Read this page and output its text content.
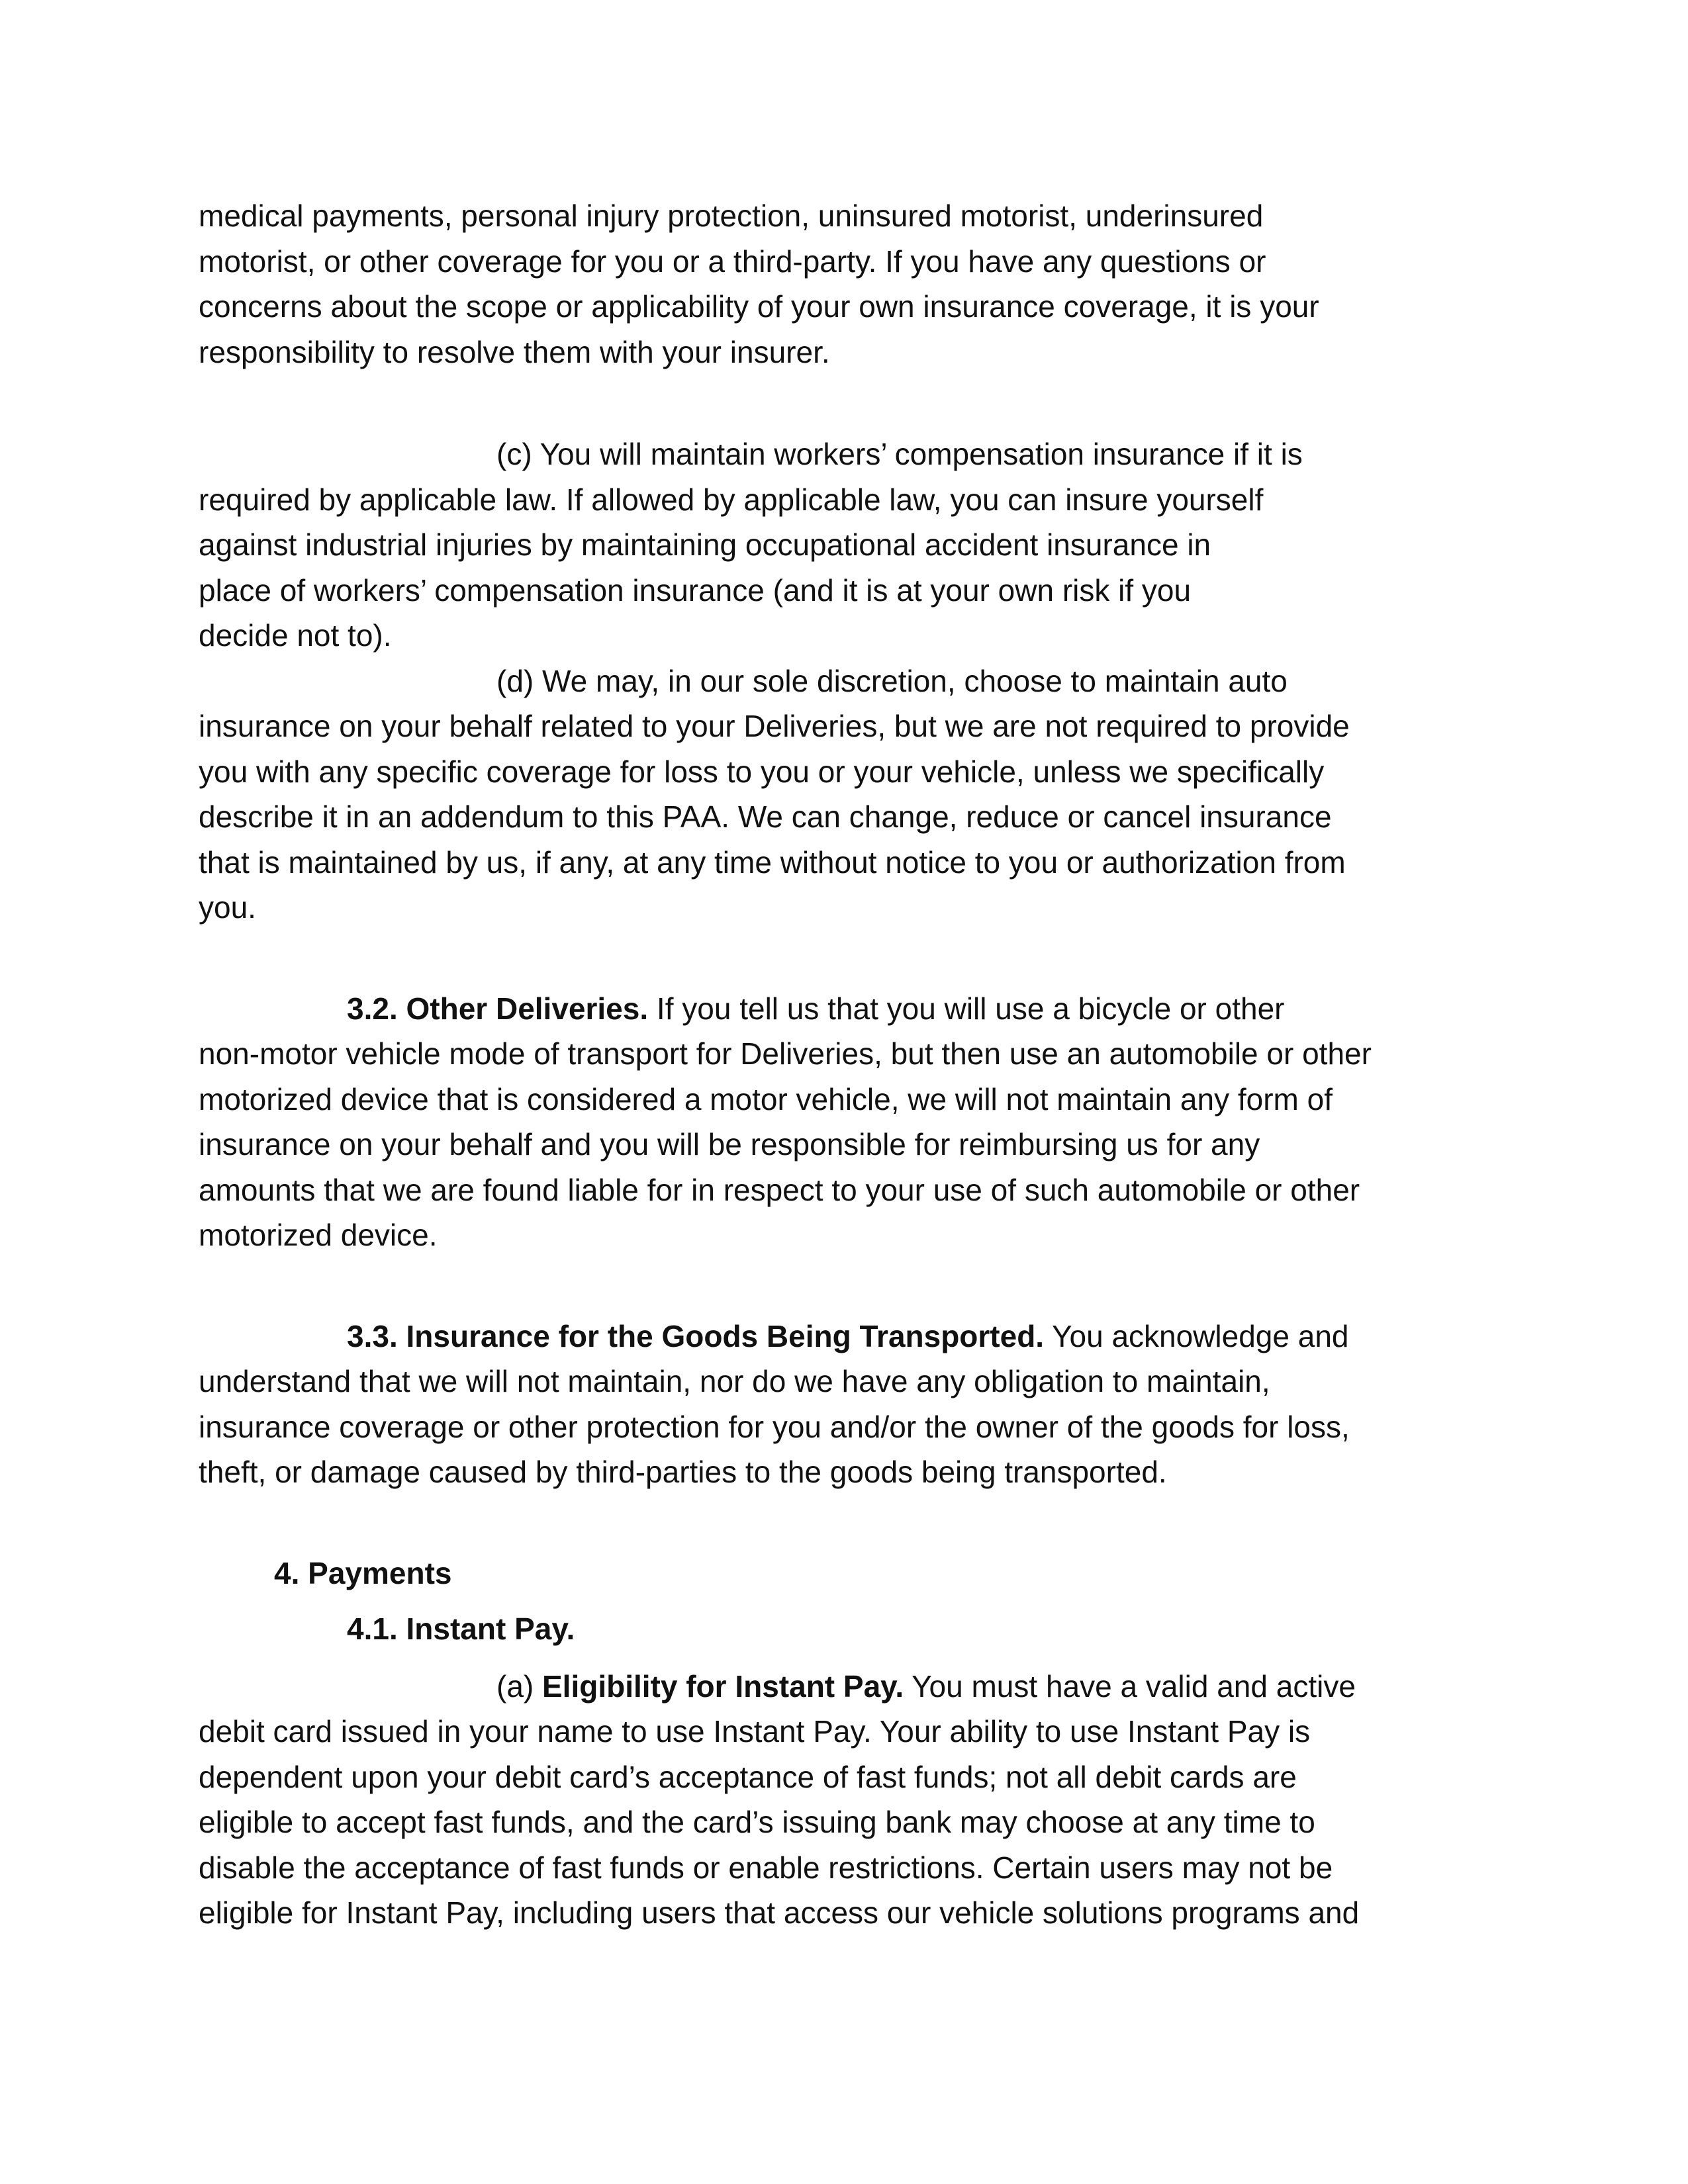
medical payments, personal injury protection, uninsured motorist, underinsured
motorist, or other coverage for you or a third-party. If you have any questions or
concerns about the scope or applicability of your own insurance coverage, it is your
responsibility to resolve them with your insurer.
(c) You will maintain workers’ compensation insurance if it is
required by applicable law. If allowed by applicable law, you can insure yourself
against industrial injuries by maintaining occupational accident insurance in
place of workers’ compensation insurance (and it is at your own risk if you
decide not to).
(d) We may, in our sole discretion, choose to maintain auto
insurance on your behalf related to your Deliveries, but we are not required to provide
you with any specific coverage for loss to you or your vehicle, unless we specifically
describe it in an addendum to this PAA. We can change, reduce or cancel insurance
that is maintained by us, if any, at any time without notice to you or authorization from
you.
3.2. Other Deliveries. If you tell us that you will use a bicycle or other
non-motor vehicle mode of transport for Deliveries, but then use an automobile or other
motorized device that is considered a motor vehicle, we will not maintain any form of
insurance on your behalf and you will be responsible for reimbursing us for any
amounts that we are found liable for in respect to your use of such automobile or other
motorized device.
3.3. Insurance for the Goods Being Transported. You acknowledge and
understand that we will not maintain, nor do we have any obligation to maintain,
insurance coverage or other protection for you and/or the owner of the goods for loss,
theft, or damage caused by third-parties to the goods being transported.
4. Payments
4.1. Instant Pay.
(a) Eligibility for Instant Pay. You must have a valid and active
debit card issued in your name to use Instant Pay. Your ability to use Instant Pay is
dependent upon your debit card’s acceptance of fast funds; not all debit cards are
eligible to accept fast funds, and the card’s issuing bank may choose at any time to
disable the acceptance of fast funds or enable restrictions. Certain users may not be
eligible for Instant Pay, including users that access our vehicle solutions programs and
